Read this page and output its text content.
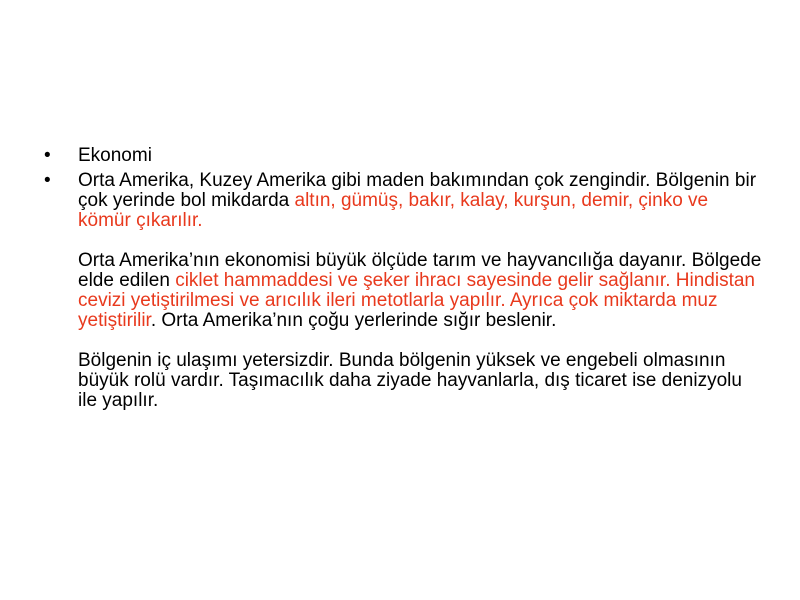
• Ekonomi
• Orta Amerika, Kuzey Amerika gibi maden bakımından çok zengindir. Bölgenin bir çok yerinde bol mikdarda altın, gümüş, bakır, kalay, kurşun, demir, çinko ve kömür çıkarılır.
Orta Amerika’nın ekonomisi büyük ölçüde tarım ve hayvancılığa dayanır. Bölgede elde edilen ciklet hammaddesi ve şeker ihracı sayesinde gelir sağlanır. Hindistan cevizi yetiştirilmesi ve arıcılık ileri metotlarla yapılır. Ayrıca çok miktarda muz yetiştirilir. Orta Amerika’nın çoğu yerlerinde sığır beslenir.
Bölgenin iç ulaşımı yetersizdir. Bunda bölgenin yüksek ve engebeli olmasının büyük rolü vardır. Taşımacılık daha ziyade hayvanlarla, dış ticaret ise denizyolu ile yapılır.
